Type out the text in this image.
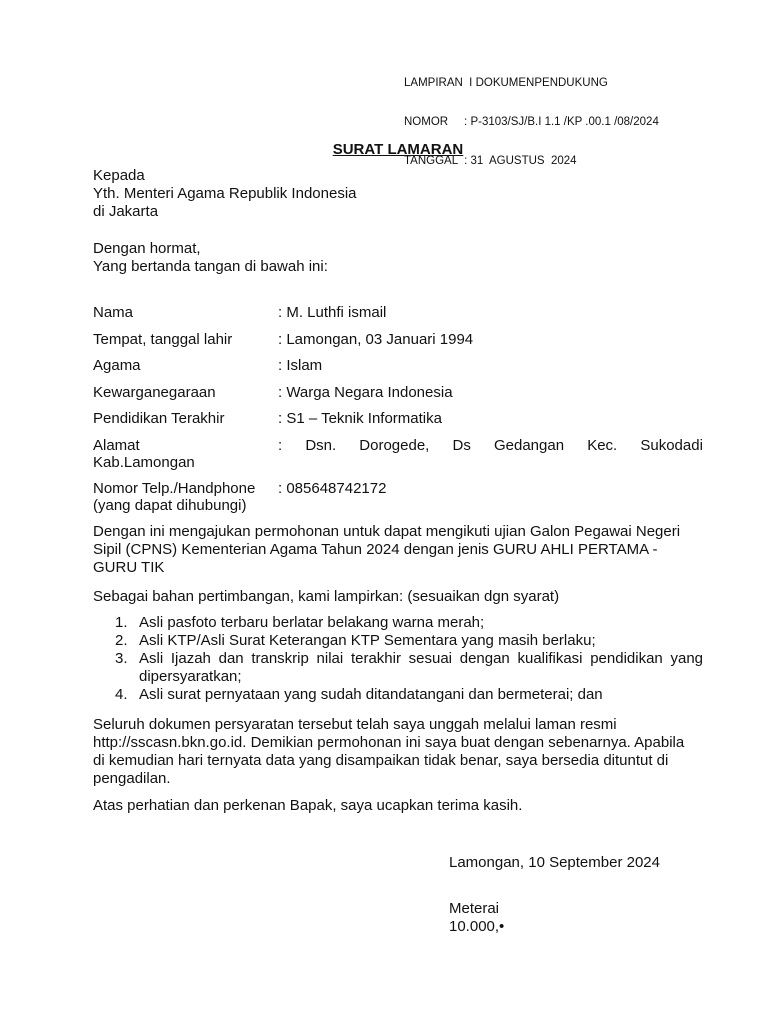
LAMPIRAN  I DOKUMENPENDUKUNG

NOMOR     : P-3103/SJ/B.I 1.1 /KP .00.1 /08/2024

TANGGAL  : 31  AGUSTUS  2024

SURAT LAMARAN
Kepada
Yth. Menteri Agama Republik Indonesia
di Jakarta
Dengan hormat,
Yang bertanda tangan di bawah ini:
Nama	: M. Luthfi ismail
Tempat, tanggal lahir	: Lamongan, 03 Januari 1994
Agama	: Islam
Kewarganegaraan	: Warga Negara Indonesia
Pendidikan Terakhir	: S1 – Teknik Informatika
Alamat	: Dsn. Dorogede, Ds Gedangan Kec. Sukodadi
Kab.Lamongan
Nomor Telp./Handphone : 085648742172
(yang dapat dihubungi)
Dengan ini mengajukan permohonan untuk dapat mengikuti ujian Galon Pegawai Negeri
Sipil (CPNS) Kementerian Agama Tahun 2024 dengan jenis GURU AHLI PERTAMA -
GURU TIK
Sebagai bahan pertimbangan, kami lampirkan: (sesuaikan dgn syarat)
1. Asli pasfoto terbaru berlatar belakang warna merah;
2. Asli KTP/Asli Surat Keterangan KTP Sementara yang masih berlaku;
3. Asli Ijazah dan transkrip nilai terakhir sesuai dengan kualifikasi pendidikan yang dipersyaratkan;
4. Asli surat pernyataan yang sudah ditandatangani dan bermeterai; dan
Seluruh dokumen persyaratan tersebut telah saya unggah melalui laman resmi
http://sscasn.bkn.go.id. Demikian permohonan ini saya buat dengan sebenarnya. Apabila
di kemudian hari ternyata data yang disampaikan tidak benar, saya bersedia dituntut di
pengadilan.
Atas perhatian dan perkenan Bapak, saya ucapkan terima kasih.
Lamongan, 10 September 2024
Meterai
10.000,•
